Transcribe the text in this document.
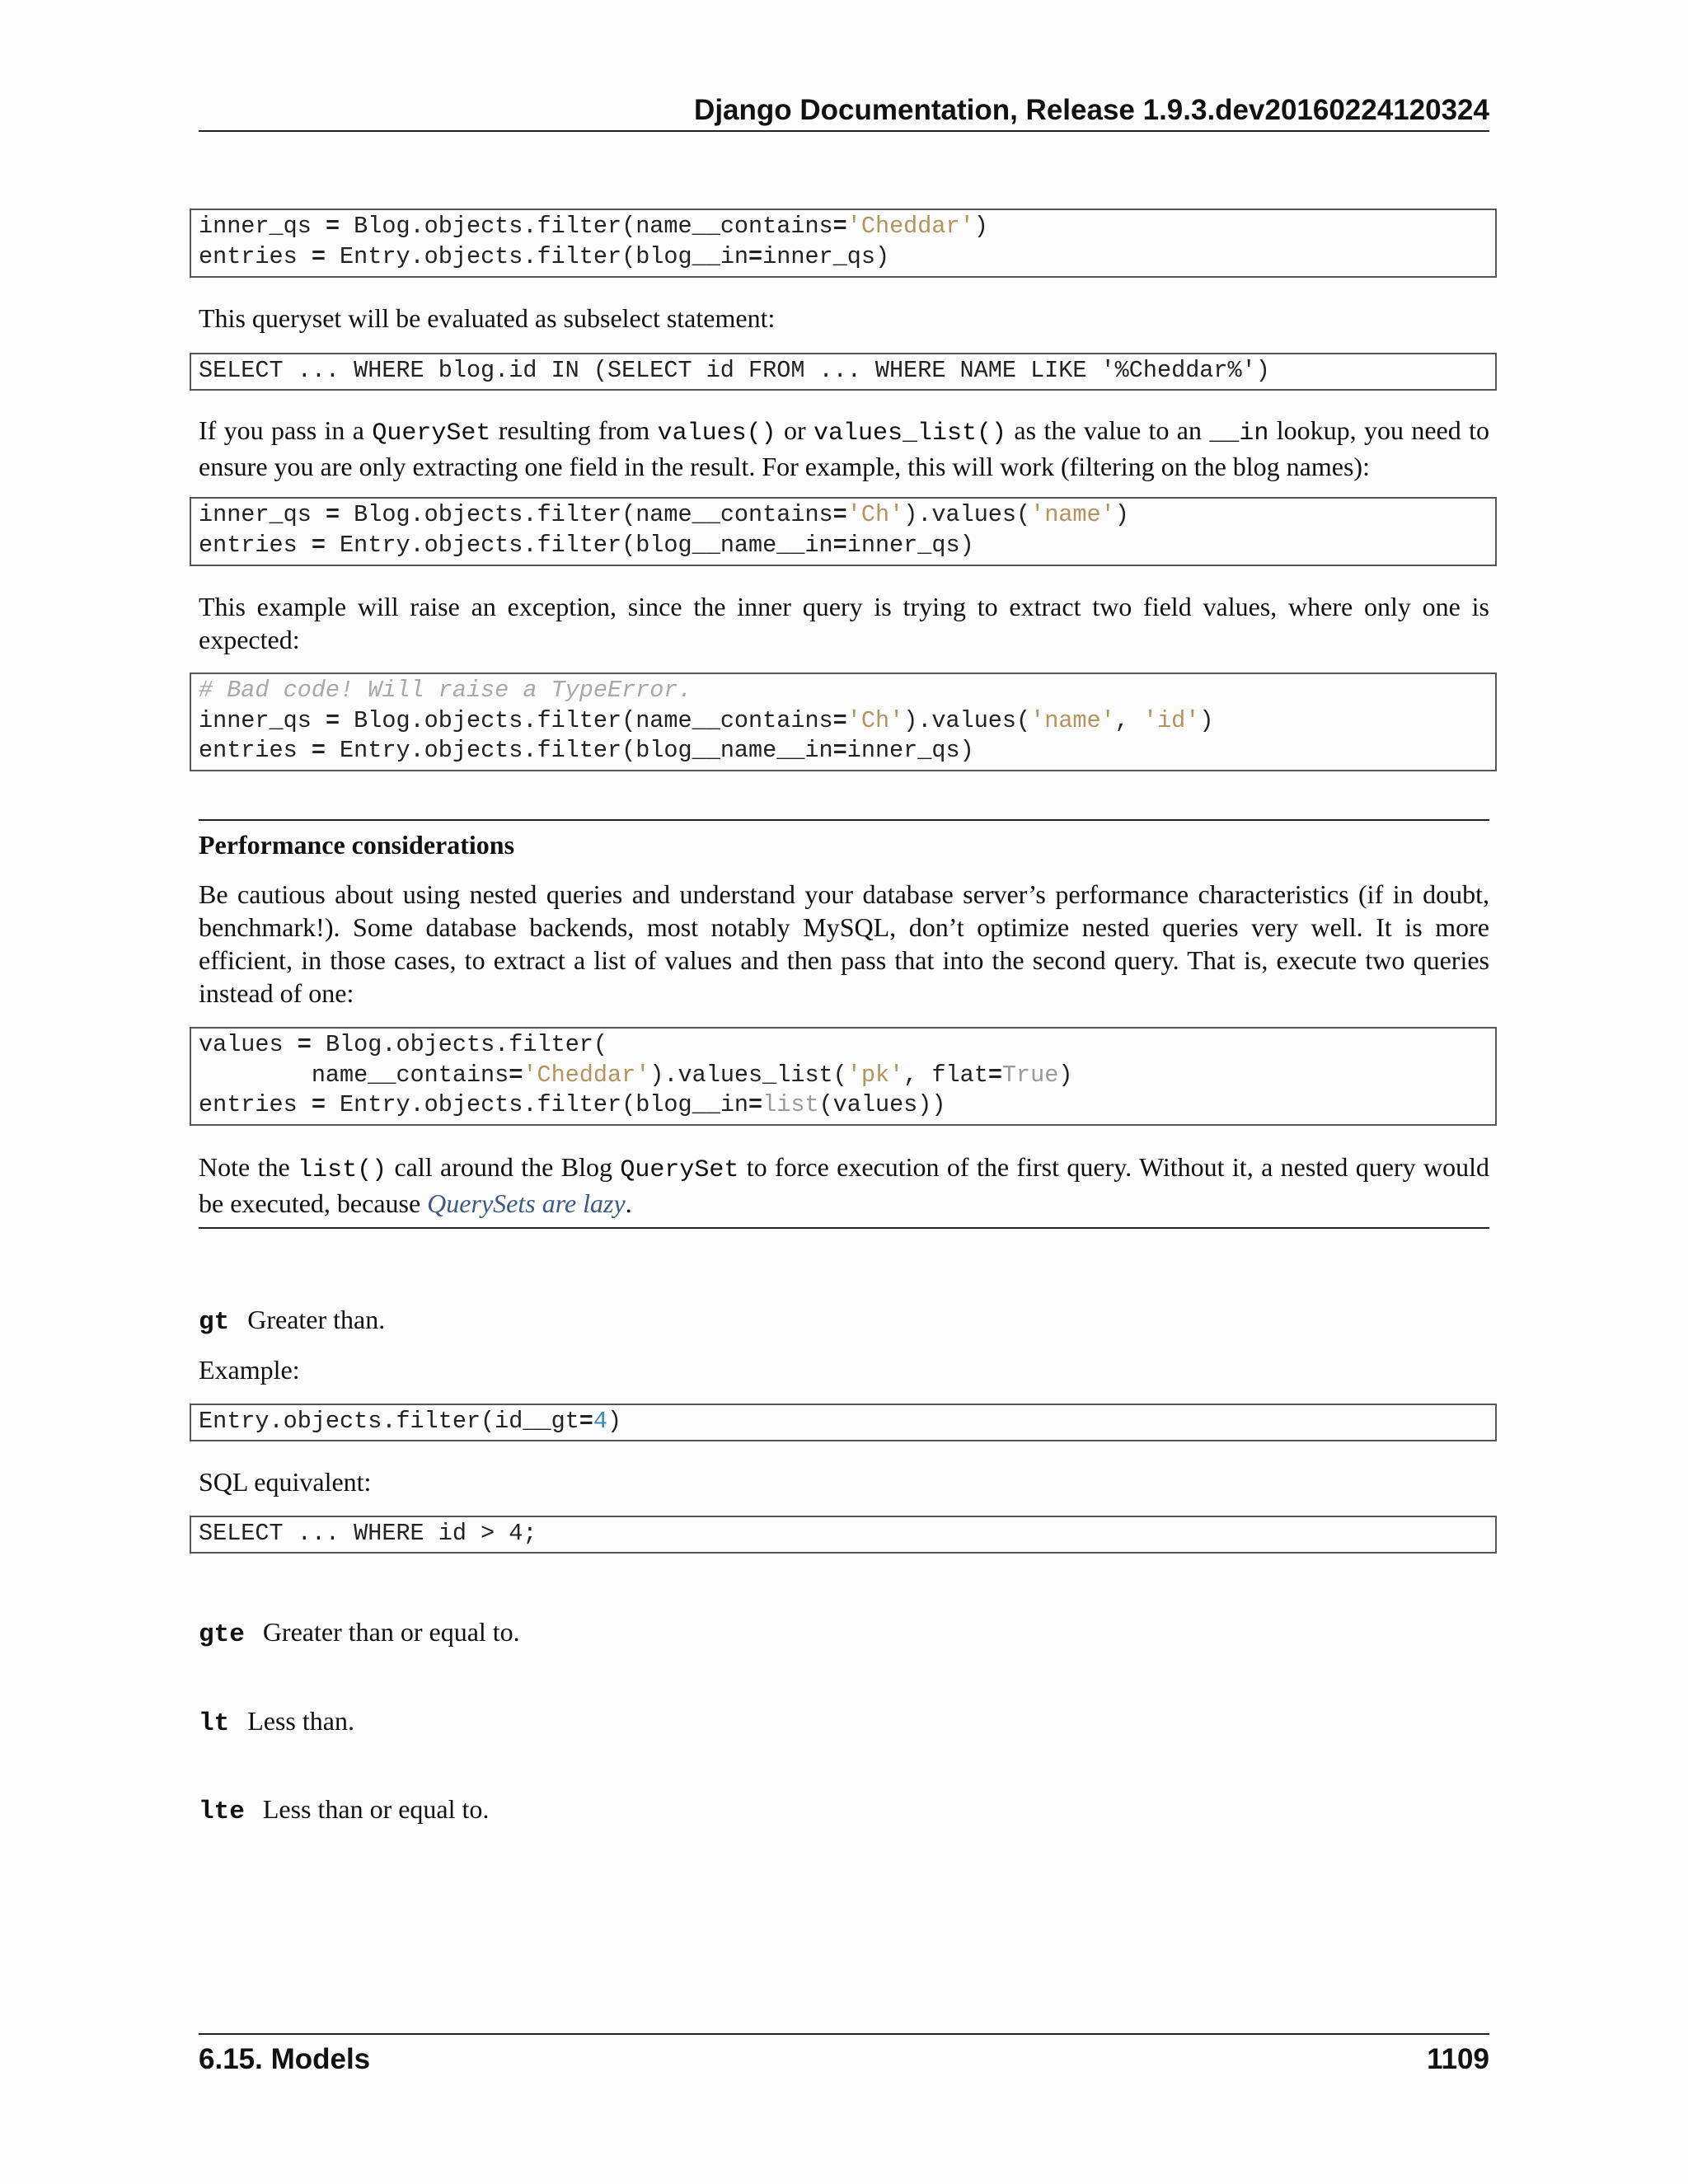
Django Documentation, Release 1.9.3.dev20160224120324
inner_qs = Blog.objects.filter(name__contains='Cheddar')
entries = Entry.objects.filter(blog__in=inner_qs)

This queryset will be evaluated as subselect statement:

SELECT ... WHERE blog.id IN (SELECT id FROM ... WHERE NAME LIKE '%Cheddar%')

If you pass in a QuerySet resulting from values() or values_list() as the value to an __in lookup, you need to ensure you are only extracting one field in the result. For example, this will work (filtering on the blog names):

inner_qs = Blog.objects.filter(name__contains='Ch').values('name')
entries = Entry.objects.filter(blog__name__in=inner_qs)

This example will raise an exception, since the inner query is trying to extract two field values, where only one is expected:

# Bad code! Will raise a TypeError.
inner_qs = Blog.objects.filter(name__contains='Ch').values('name', 'id')
entries = Entry.objects.filter(blog__name__in=inner_qs)

Performance considerations

Be cautious about using nested queries and understand your database server’s performance characteristics (if in doubt, benchmark!). Some database backends, most notably MySQL, don’t optimize nested queries very well. It is more efficient, in those cases, to extract a list of values and then pass that into the second query. That is, execute two queries instead of one:

values = Blog.objects.filter(
name__contains='Cheddar').values_list('pk', flat=True)
entries = Entry.objects.filter(blog__in=list(values))

Note the list() call around the Blog QuerySet to force execution of the first query. Without it, a nested query would be executed, because QuerySets are lazy.

gt Greater than.
Example:
Entry.objects.filter(id__gt=4)
SQL equivalent:
SELECT ... WHERE id > 4;
gte Greater than or equal to.
lt Less than.
lte Less than or equal to.
6.15. Models	1109
